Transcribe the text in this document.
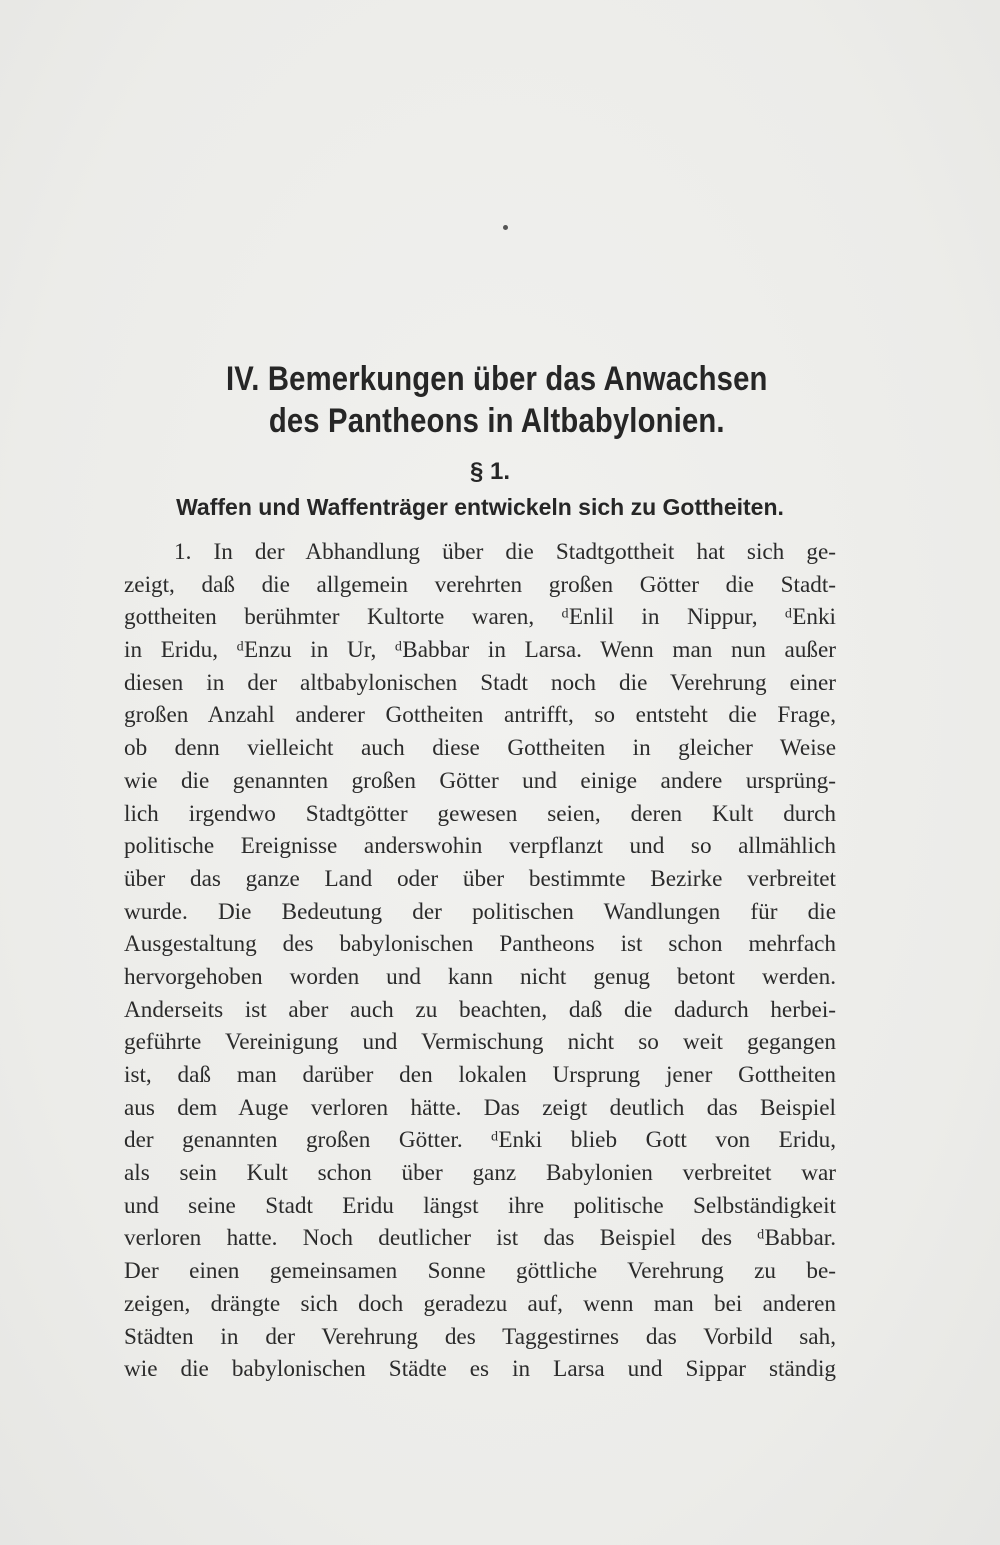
IV. Bemerkungen über das Anwachsen
des Pantheons in Altbabylonien.
§ 1.
Waffen und Waffenträger entwickeln sich zu Gottheiten.
1. In der Abhandlung über die Stadtgottheit hat sich ge-
zeigt, daß die allgemein verehrten großen Götter die Stadt-
gottheiten berühmter Kultorte waren, ᵈEnlil in Nippur, ᵈEnki
in Eridu, ᵈEnzu in Ur, ᵈBabbar in Larsa. Wenn man nun außer
diesen in der altbabylonischen Stadt noch die Verehrung einer
großen Anzahl anderer Gottheiten antrifft, so entsteht die Frage,
ob denn vielleicht auch diese Gottheiten in gleicher Weise
wie die genannten großen Götter und einige andere ursprüng-
lich irgendwo Stadtgötter gewesen seien, deren Kult durch
politische Ereignisse anderswohin verpflanzt und so allmählich
über das ganze Land oder über bestimmte Bezirke verbreitet
wurde. Die Bedeutung der politischen Wandlungen für die
Ausgestaltung des babylonischen Pantheons ist schon mehrfach
hervorgehoben worden und kann nicht genug betont werden.
Anderseits ist aber auch zu beachten, daß die dadurch herbei-
geführte Vereinigung und Vermischung nicht so weit gegangen
ist, daß man darüber den lokalen Ursprung jener Gottheiten
aus dem Auge verloren hätte. Das zeigt deutlich das Beispiel
der genannten großen Götter. ᵈEnki blieb Gott von Eridu,
als sein Kult schon über ganz Babylonien verbreitet war
und seine Stadt Eridu längst ihre politische Selbständigkeit
verloren hatte. Noch deutlicher ist das Beispiel des ᵈBabbar.
Der einen gemeinsamen Sonne göttliche Verehrung zu be-
zeigen, drängte sich doch geradezu auf, wenn man bei anderen
Städten in der Verehrung des Taggestirnes das Vorbild sah,
wie die babylonischen Städte es in Larsa und Sippar ständig
